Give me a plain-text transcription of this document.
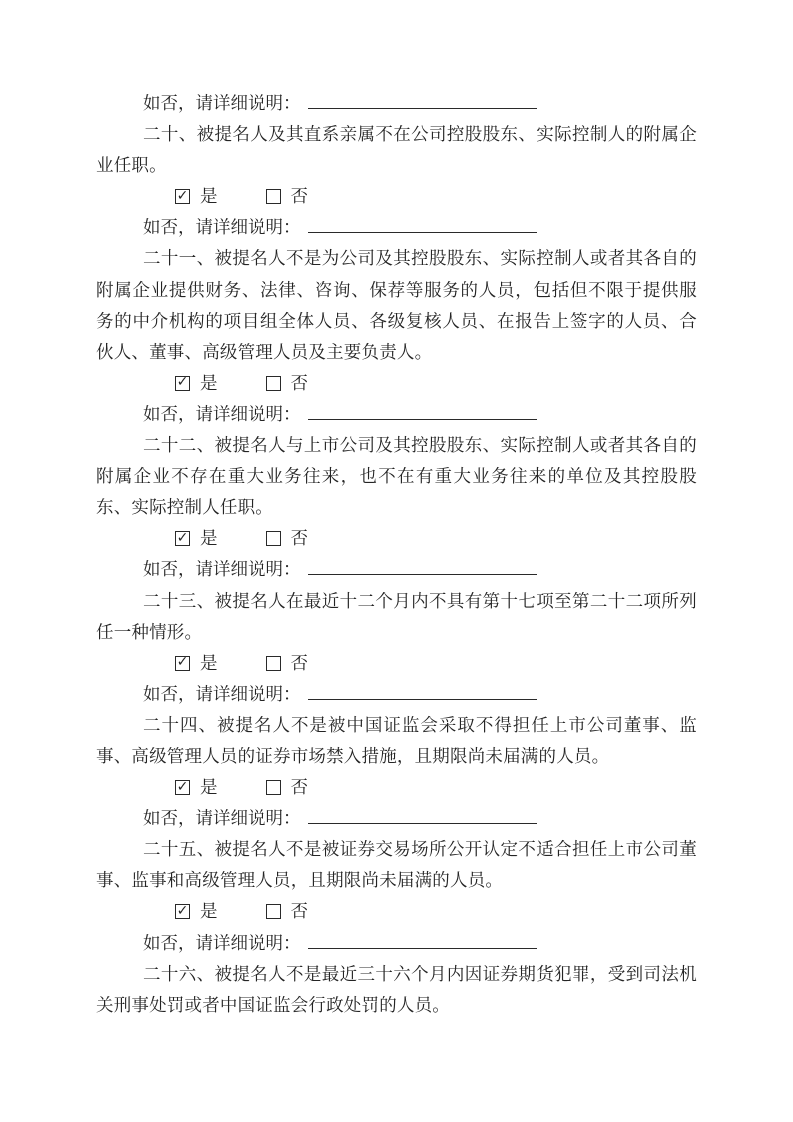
如否，请详细说明：

二十、被提名人及其直系亲属不在公司控股股东、实际控制人的附属企业任职。

✓
是	否
如否，请详细说明：

二十一、被提名人不是为公司及其控股股东、实际控制人或者其各自的附属企业提供财务、法律、咨询、保荐等服务的人员，包括但不限于提供服务的中介机构的项目组全体人员、各级复核人员、在报告上签字的人员、合伙人、董事、高级管理人员及主要负责人。

✓
是	否
如否，请详细说明：

二十二、被提名人与上市公司及其控股股东、实际控制人或者其各自的附属企业不存在重大业务往来，也不在有重大业务往来的单位及其控股股东、实际控制人任职。

✓
是	否
如否，请详细说明：

二十三、被提名人在最近十二个月内不具有第十七项至第二十二项所列任一种情形。

✓
是	否
如否，请详细说明：

二十四、被提名人不是被中国证监会采取不得担任上市公司董事、监事、高级管理人员的证券市场禁入措施，且期限尚未届满的人员。

✓
是	否
如否，请详细说明：

二十五、被提名人不是被证券交易场所公开认定不适合担任上市公司董事、监事和高级管理人员，且期限尚未届满的人员。

✓
是	否
如否，请详细说明：

二十六、被提名人不是最近三十六个月内因证券期货犯罪，受到司法机关刑事处罚或者中国证监会行政处罚的人员。
